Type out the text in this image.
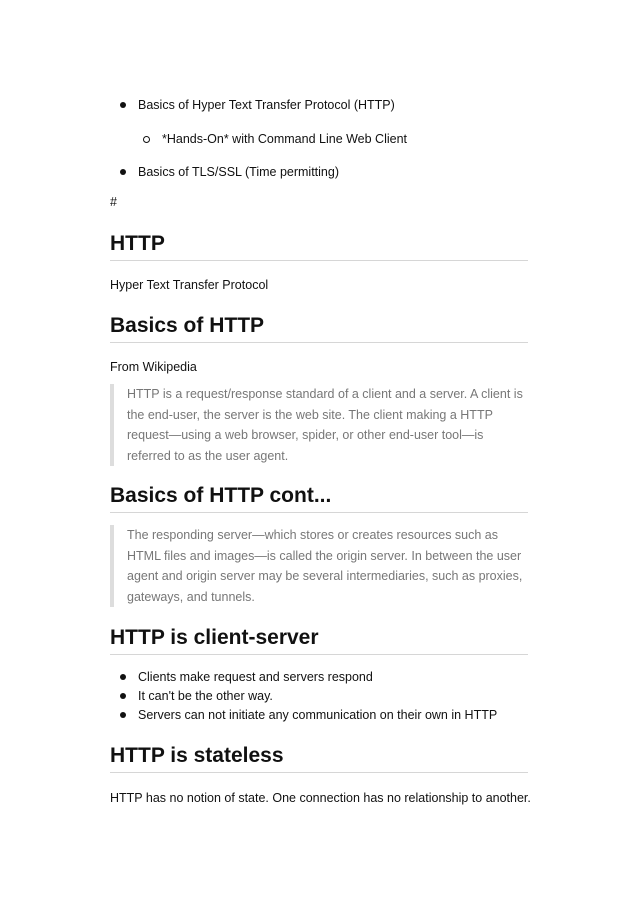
Basics of Hyper Text Transfer Protocol (HTTP)
*Hands-On* with Command Line Web Client
Basics of TLS/SSL (Time permitting)
#
HTTP
Hyper Text Transfer Protocol
Basics of HTTP
From Wikipedia

HTTP is a request/response standard of a client and a server. A client is the end-user, the server is the web site. The client making a HTTP request—using a web browser, spider, or other end-user tool—is referred to as the user agent.

Basics of HTTP cont...

The responding server—which stores or creates resources such as HTML files and images—is called the origin server. In between the user agent and origin server may be several intermediaries, such as proxies, gateways, and tunnels.

HTTP is client-server
Clients make request and servers respond
It can't be the other way.
Servers can not initiate any communication on their own in HTTP
HTTP is stateless
HTTP has no notion of state. One connection has no relationship to another.
